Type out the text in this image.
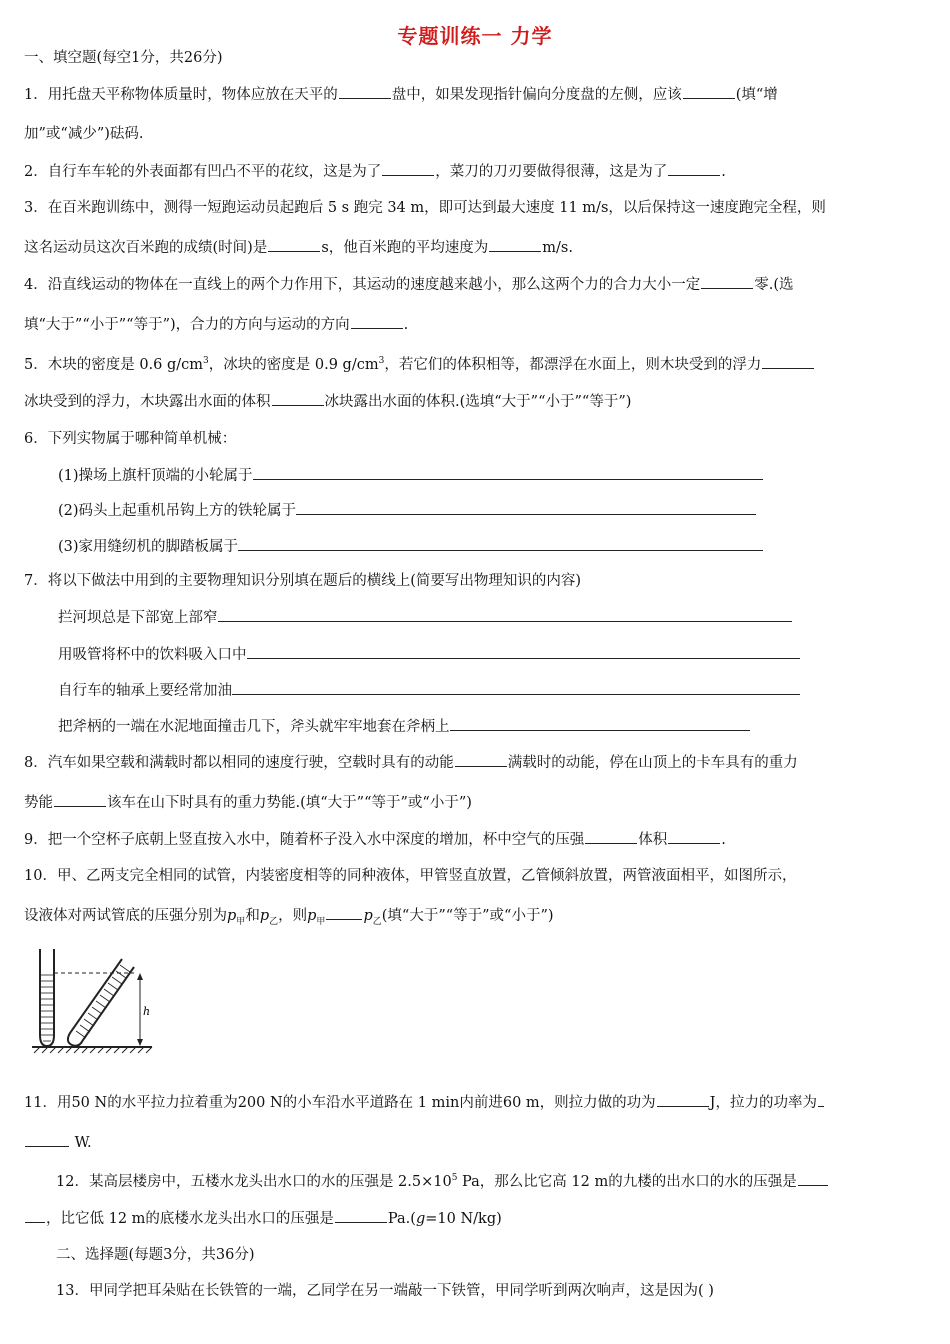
专题训练一 力学
一、填空题(每空1分，共26分)
1．用托盘天平称物体质量时，物体应放在天平的	盘中，如果发现指针偏向分度盘的左侧，应该	(填“增
加”或“减少”)砝码.
2．自行车车轮的外表面都有凹凸不平的花纹，这是为了	，菜刀的刀刃要做得很薄，这是为了	.
3．在百米跑训练中，测得一短跑运动员起跑后 5 s 跑完 34 m，即可达到最大速度 11 m/s，以后保持这一速度跑完全程，则
这名运动员这次百米跑的成绩(时间)是	s，他百米跑的平均速度为	m/s.
4．沿直线运动的物体在一直线上的两个力作用下，其运动的速度越来越小，那么这两个力的合力大小一定	零.(选
填“大于”“小于”“等于”)，合力的方向与运动的方向	.
5．木块的密度是 0.6 $g/cm^3$，冰块的密度是 0.9 $g/cm^3$，若它们的体积相等，都漂浮在水面上，则木块受到的浮力
冰块受到的浮力，木块露出水面的体积	冰块露出水面的体积.(选填“大于”“小于”“等于”)
6．下列实物属于哪种简单机械：
(1)操场上旗杆顶端的小轮属于
(2)码头上起重机吊钩上方的铁轮属于
(3)家用缝纫机的脚踏板属于
7．将以下做法中用到的主要物理知识分别填在题后的横线上(简要写出物理知识的内容)
拦河坝总是下部宽上部窄
用吸管将杯中的饮料吸入口中
自行车的轴承上要经常加油
把斧柄的一端在水泥地面撞击几下，斧头就牢牢地套在斧柄上
8．汽车如果空载和满载时都以相同的速度行驶，空载时具有的动能	满载时的动能，停在山顶上的卡车具有的重力
势能	该车在山下时具有的重力势能.(填“大于”“等于”或“小于”)
9．把一个空杯子底朝上竖直按入水中，随着杯子没入水中深度的增加，杯中空气的压强	体积	.
10．甲、乙两支完全相同的试管，内装密度相等的同种液体，甲管竖直放置，乙管倾斜放置，两管液面相平，如图所示，
设液体对两试管底的压强分别为$p_甲$和$p_乙$，则$p_甲$	$p_乙$(填“大于”“等于”或“小于”)
h
11．用50 N的水平拉力拉着重为200 N的小车沿水平道路在 1 min内前进60 m，则拉力做的功为	J，拉力的功率为
W.
12．某高层楼房中，五楼水龙头出水口的水的压强是 $2.5\times 10^5$ Pa，那么比它高 12 m的九楼的出水口的水的压强是
，比它低 12 m的底楼水龙头出水口的压强是	Pa.(g=10 N/kg)
二、选择题(每题3分，共36分)
13．甲同学把耳朵贴在长铁管的一端，乙同学在另一端敲一下铁管，甲同学听到两次响声，这是因为( )
